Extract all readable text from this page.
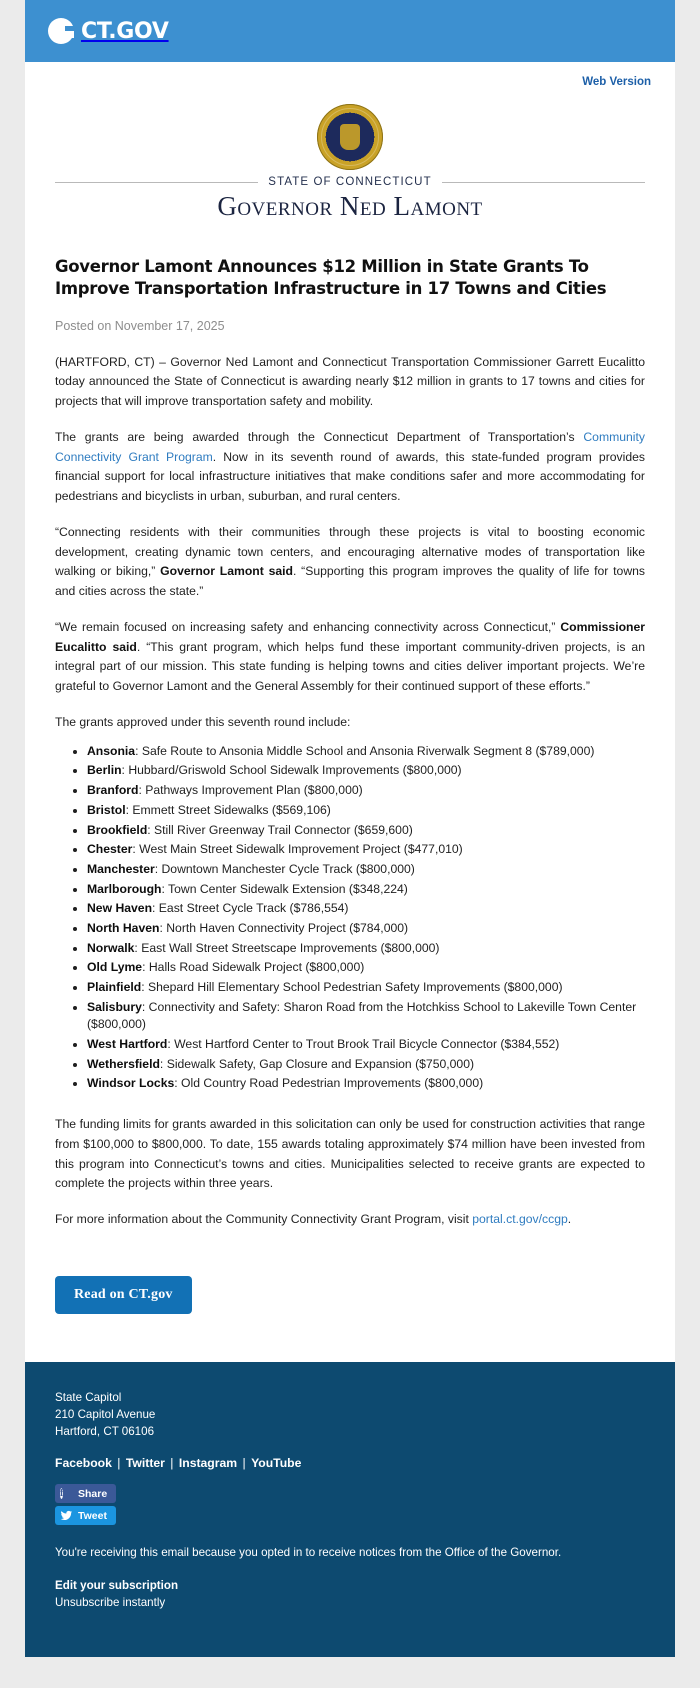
CT.GOV
Web Version
STATE OF CONNECTICUT
Governor Ned Lamont
Governor Lamont Announces $12 Million in State Grants To Improve Transportation Infrastructure in 17 Towns and Cities
Posted on November 17, 2025

(HARTFORD, CT) – Governor Ned Lamont and Connecticut Transportation Commissioner Garrett Eucalitto today announced the State of Connecticut is awarding nearly $12 million in grants to 17 towns and cities for projects that will improve transportation safety and mobility.

The grants are being awarded through the Connecticut Department of Transportation’s Community Connectivity Grant Program. Now in its seventh round of awards, this state-funded program provides financial support for local infrastructure initiatives that make conditions safer and more accommodating for pedestrians and bicyclists in urban, suburban, and rural centers.

“Connecting residents with their communities through these projects is vital to boosting economic development, creating dynamic town centers, and encouraging alternative modes of transportation like walking or biking,” Governor Lamont said. “Supporting this program improves the quality of life for towns and cities across the state.”

“We remain focused on increasing safety and enhancing connectivity across Connecticut,” Commissioner Eucalitto said. “This grant program, which helps fund these important community-driven projects, is an integral part of our mission. This state funding is helping towns and cities deliver important projects. We’re grateful to Governor Lamont and the General Assembly for their continued support of these efforts.”

The grants approved under this seventh round include:

• Ansonia: Safe Route to Ansonia Middle School and Ansonia Riverwalk Segment 8 ($789,000)
• Berlin: Hubbard/Griswold School Sidewalk Improvements ($800,000)
• Branford: Pathways Improvement Plan ($800,000)
• Bristol: Emmett Street Sidewalks ($569,106)
• Brookfield: Still River Greenway Trail Connector ($659,600)
• Chester: West Main Street Sidewalk Improvement Project ($477,010)
• Manchester: Downtown Manchester Cycle Track ($800,000)
• Marlborough: Town Center Sidewalk Extension ($348,224)
• New Haven: East Street Cycle Track ($786,554)
• North Haven: North Haven Connectivity Project ($784,000)
• Norwalk: East Wall Street Streetscape Improvements ($800,000)
• Old Lyme: Halls Road Sidewalk Project ($800,000)
• Plainfield: Shepard Hill Elementary School Pedestrian Safety Improvements ($800,000)
• Salisbury: Connectivity and Safety: Sharon Road from the Hotchkiss School to Lakeville Town Center ($800,000)
• West Hartford: West Hartford Center to Trout Brook Trail Bicycle Connector ($384,552)
• Wethersfield: Sidewalk Safety, Gap Closure and Expansion ($750,000)
• Windsor Locks: Old Country Road Pedestrian Improvements ($800,000)

The funding limits for grants awarded in this solicitation can only be used for construction activities that range from $100,000 to $800,000. To date, 155 awards totaling approximately $74 million have been invested from this program into Connecticut’s towns and cities. Municipalities selected to receive grants are expected to complete the projects within three years.

For more information about the Community Connectivity Grant Program, visit portal.ct.gov/ccgp.

Read on CT.gov
State Capitol
210 Capitol Avenue
Hartford, CT 06106
Facebook | Twitter | Instagram | YouTube
f	Share
Tweet
You're receiving this email because you opted in to receive notices from the Office of the Governor.
Edit your subscription
Unsubscribe instantly
